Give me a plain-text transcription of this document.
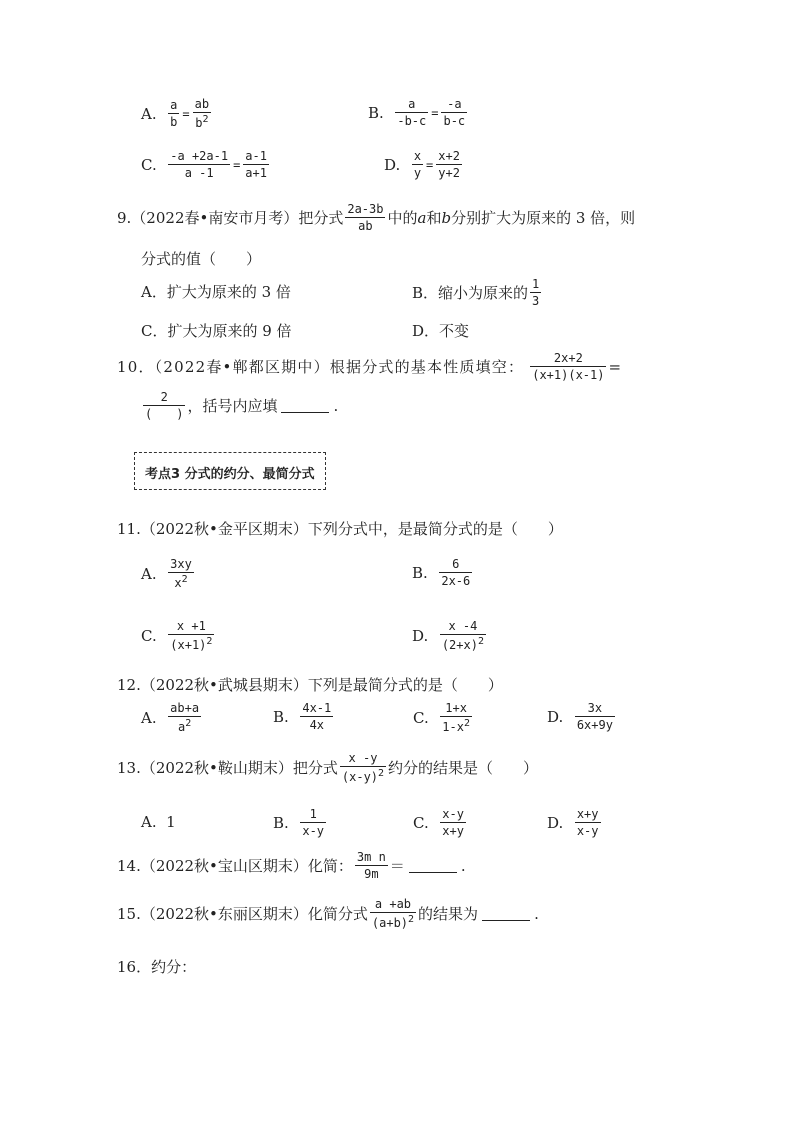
A.
$\frac{a}{b} = \frac{ab}{b^2}$	B.
$\frac{a}{-b-c} = \frac{-a}{b-c}$
C.
$\frac{-a +2a-1}{a -1} = \frac{a-1}{a+1}$	D.
$\frac{x}{y} = \frac{x+2}{y+2}$
9.（2022春•南安市月考）把分式 $\frac{2a-3b}{ab}$ 中的 a 和 b 分别扩大为原来的 3 倍，则
分式的值（　　）
A．扩大为原来的 3 倍	B．缩小为原来的 $\frac{1}{3}$
C．扩大为原来的 9 倍	D．不变
10．（2022春•郸都区期中）根据分式的基本性质填空： $\frac{2x+2}{(x+1)(x-1)}$ =
$\frac{2}{( )}$ ，括号内应填	.
考点3 分式的约分、最简分式
11.（2022秋•金平区期末）下列分式中，是最简分式的是（　　）
A.
$\frac{3xy}{x^2}$	B.
$\frac{6}{2x-6}$
C.
$\frac{x +1}{(x+1)^2}$	D.
$\frac{x -4}{(2+x)^2}$
12.（2022秋•武城县期末）下列是最简分式的是（　　）
A.
$\frac{ab+a}{a^2}$	B.
$\frac{4x-1}{4x}$	C.
$\frac{1+x}{1-x^2}$	D.
$\frac{3x}{6x+9y}$
13.（2022秋•鞍山期末）把分式 $\frac{x -y}{(x-y)^2}$ 约分的结果是（　　）
A.
1	B.
$\frac{1}{x-y}$	C.
$\frac{x-y}{x+y}$	D.
$\frac{x+y}{x-y}$
14.（2022秋•宝山区期末）化简： $\frac{\text{3m n}}{9m}$ ＝	.
15.（2022秋•东丽区期末）化简分式 $\frac{a +ab}{(a+b)^2}$ 的结果为	.
16．约分：
